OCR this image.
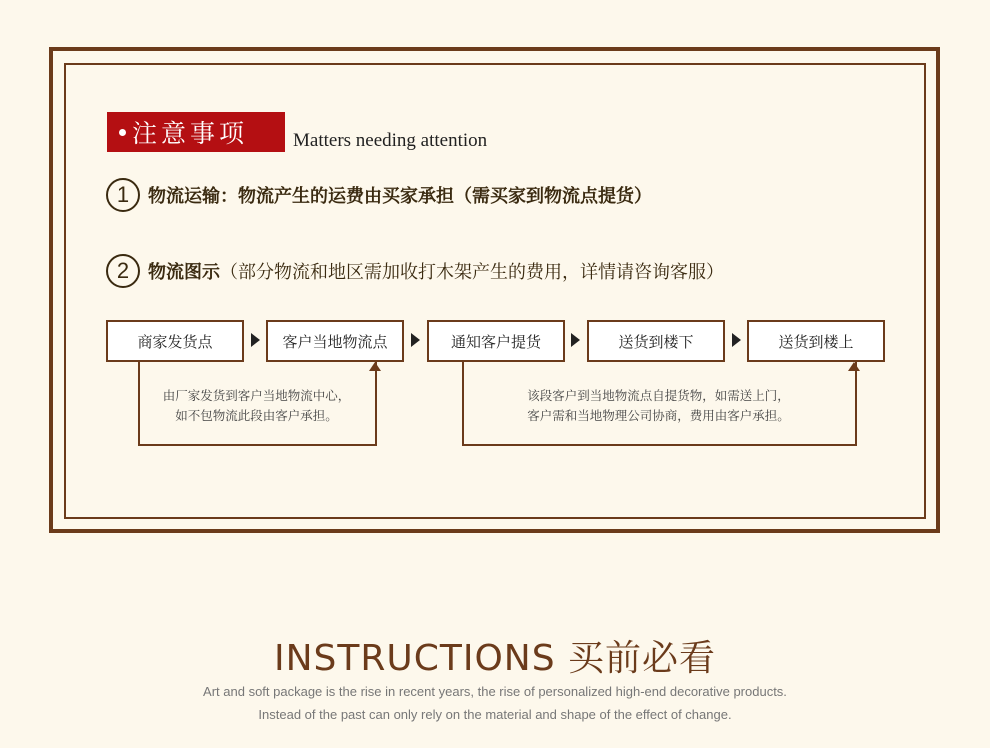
注意事项 Matters needing attention
1	物流运输： 物流产生的运费由买家承担（需买家到物流点提货）
2	物流图示 （部分物流和地区需加收打木架产生的费用，详情请咨询客服）
商家发货点	客户当地物流点	通知客户提货	送货到楼下	送货到楼上
由厂家发货到客户当地物流中心，
如不包物流此段由客户承担。
该段客户到当地物流点自提货物，如需送上门，
客户需和当地物理公司协商，费用由客户承担。
INSTRUCTIONS 买前必看
Art and soft package is the rise in recent years, the rise of personalized high-end decorative products.
Instead of the past can only rely on the material and shape of the effect of change.
